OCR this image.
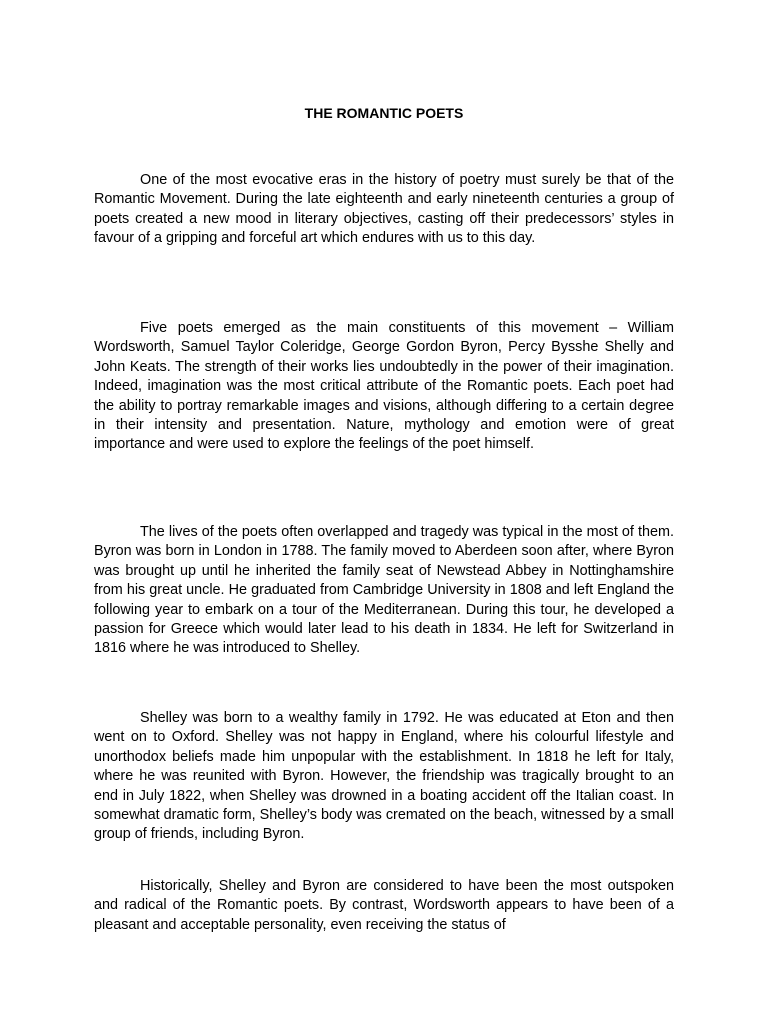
THE ROMANTIC POETS

One of the most evocative eras in the history of poetry must surely be that of the Romantic Movement. During the late eighteenth and early nineteenth centuries a group of poets created a new mood in literary objectives, casting off their predecessors’ styles in favour of a gripping and forceful art which endures with us to this day.

Five poets emerged as the main constituents of this movement – William Wordsworth, Samuel Taylor Coleridge, George Gordon Byron, Percy Bysshe Shelly and John Keats. The strength of their works lies undoubtedly in the power of their imagination. Indeed, imagination was the most critical attribute of the Romantic poets. Each poet had the ability to portray remarkable images and visions, although differing to a certain degree in their intensity and presentation. Nature, mythology and emotion were of great importance and were used to explore the feelings of the poet himself.

The lives of the poets often overlapped and tragedy was typical in the most of them. Byron was born in London in 1788. The family moved to Aberdeen soon after, where Byron was brought up until he inherited the family seat of Newstead Abbey in Nottinghamshire from his great uncle. He graduated from Cambridge University in 1808 and left England the following year to embark on a tour of the Mediterranean. During this tour, he developed a passion for Greece which would later lead to his death in 1834. He left for Switzerland in 1816 where he was introduced to Shelley.

Shelley was born to a wealthy family in 1792. He was educated at Eton and then went on to Oxford. Shelley was not happy in England, where his colourful lifestyle and unorthodox beliefs made him unpopular with the establishment. In 1818 he left for Italy, where he was reunited with Byron. However, the friendship was tragically brought to an end in July 1822, when Shelley was drowned in a boating accident off the Italian coast. In somewhat dramatic form, Shelley’s body was cremated on the beach, witnessed by a small group of friends, including Byron.

Historically, Shelley and Byron are considered to have been the most outspoken and radical of the Romantic poets. By contrast, Wordsworth appears to have been of a pleasant and acceptable personality, even receiving the status of
